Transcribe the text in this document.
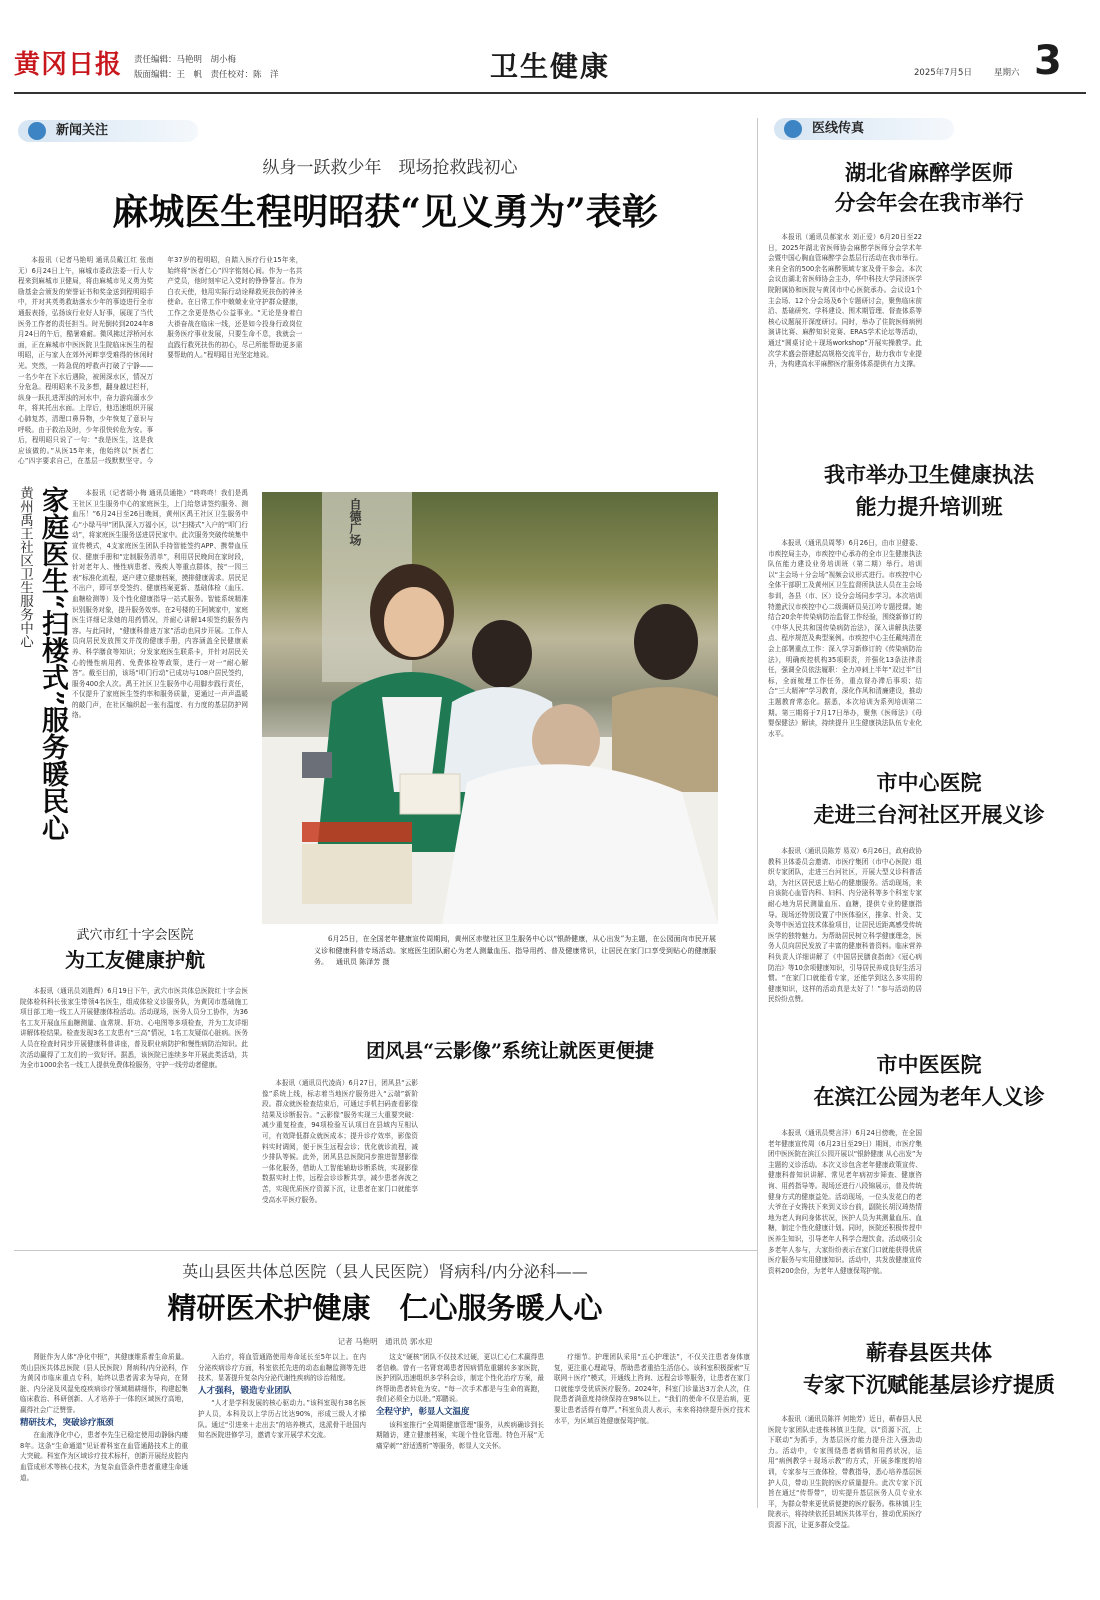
黄冈日报 责任编辑：马艳明　胡小梅
版面编辑：王　帆　责任校对：陈　洋	卫生健康	2025年7月5日	星期六 3
新闻关注	医线传真
纵身一跃救少年　现场抢救践初心
麻城医生程明昭获“见义勇为”表彰

本报讯（记者马艳明 通讯员戴江红 张南无）6月24日上午，麻城市委政法委一行人专程来到麻城市卫健局，将由麻城市见义勇为奖励基金会颁发的荣誉证书和奖金送到程明昭手中，并对其英勇救助落水少年的事迹进行全市通报表扬，弘扬该行业好人好事，展现了当代医务工作者的责任担当。时光倒转到2024年8月24日的午后，酷暑难耐。微风拂过浮桥河水面，正在麻城市中医医院卫生院临床医生的程明昭，正与家人在郊外河畔享受难得的休闲时光。突然，一阵急促的呼救声打破了宁静——一名少年在下水后遇险，被困深水区，情况万分危急。程明昭来不及多想，翻身越过栏杆，纵身一跃扎进浑浊的河水中，奋力游向溺水少年，将其托出水面。上岸后，他迅速组织开展心肺复苏，清理口鼻异物，少年恢复了意识与呼吸。由于救治及时，少年很快转危为安。事后，程明昭只说了一句：“我是医生，这是我应该做的。”从医15年来，他始终以“医者仁心”四字要求自己，在基层一线默默坚守。今年37岁的程明昭，自踏入医疗行业15年来，始终将“医者仁心”四字铭刻心间。作为一名共产党员，他时刻牢记入党时的铮铮誓言。作为白衣天使，他用实际行动诠释救死扶伤的神圣使命。在日常工作中兢兢业业守护群众健康，工作之余更是热心公益事业。“无论是身着白大褂奋战在临床一线，还是如今投身行政岗位服务医疗事业发展，只要生命不息，我就会一直践行救死扶伤的初心，尽己所能帮助更多需要帮助的人。”程明昭目光坚定地说。

黄州禹王社区卫生服务中心 家庭医生“扫楼式”服务暖民心	本报讯（记者胡小梅 通讯员通艳）“咚咚咚！我们是禹王社区卫生服务中心的家庭医生，上门给您讲签约服务、测血压！”6月24日至26日晚间，黄州区禹王社区卫生服务中心“小绿马甲”团队深入万福小区，以“扫楼式”入户的“叩门行动”，将家庭医生服务送进居民家中。此次服务突破传统集中宣传模式，4支家庭医生团队手持智能签约APP、携带血压仪、健康手册和“定制服务清单”，利用居民晚间在家时段，针对老年人、慢性病患者、残疾人等重点群体，按“一园三表”标准化流程，逐户建立健康档案，摸排健康需求。居民足不出户，即可享受签约、健康档案更新、基础体检（血压、血糖检测等）及个性化健康指导一站式服务。智能系统精准识别服务对象，提升服务效率。在2号楼的王阿姨家中，家庭医生详细记录她的用药情况，并耐心讲解14项签约服务内容。与此同时，“健康科普进万家”活动也同步开展。工作人员向居民发放图文并茂的健康手册，内容涵盖全民健康素养、科学膳食等知识；分发家庭医生联系卡，并针对居民关心的慢性病用药、免费体检等政策，进行一对一“耐心解答”。截至目前，该场“叩门行动”已成功与108户居民签约，服务400余人次。禹王社区卫生服务中心用脚步践行责任，不仅提升了家庭医生签约率和服务质量，更通过一声声温暖的敲门声，在社区编织起一张有温度、有力度的基层防护网络。

自德广场
6月25日，在全国老年健康宣传周期间，黄州区赤壁社区卫生服务中心以“银龄健康，从心出发”为主题，在公园面向市民开展义诊和健康科普专场活动。家庭医生团队耐心为老人测量血压、指导用药、普及健康常识，让居民在家门口享受到贴心的健康服务。 通讯员 陈泽芳 摄
武穴市红十字会医院
为工友健康护航

本报讯（通讯员刘胜辉）6月19日下午，武穴市医共体总医院红十字会医院体检科科长张家生带领4名医生，组成体检义诊服务队，为黄冈市基础施工项目部工地一线工人开展健康体检活动。活动现场，医务人员分工协作，为36名工友开展血压血糖测量、血常规、肝功、心电图等多项检查，并为工友详细讲解体检结果。检查发现3名工友患有“三高”情况，1名工友疑似心脏病。医务人员在检查时同步开展健康科普讲座，普及职业病防护和慢性病防治知识。此次活动赢得了工友们的一致好评。据悉，该医院已连续多年开展此类活动，共为全市1000余名一线工人提供免费体检服务，守护一线劳动者健康。

团风县“云影像”系统让就医更便捷

本报讯（通讯员代凌尚）6月27日，团风县“云影像”系统上线，标志着当地医疗服务进入“云端”新阶段。群众就医检查结束后，可通过手机扫码查看影像结果及诊断报告。“云影像”服务实现三大重要突破：减少重复检查，94项检验互认项目在县域内互相认可，有效降低群众就医成本；提升诊疗效率，影像资料实时调阅，便于医生远程会诊；优化就诊流程，减少排队等候。此外，团风县总医院同步推进智慧影像一体化服务，借助人工智能辅助诊断系统，实现影像数据实时上传，远程会诊诊断共享，减少患者奔波之苦，实现优质医疗资源下沉，让患者在家门口就能享受高水平医疗服务。

英山县医共体总医院（县人民医院）肾病科/内分泌科——
精研医术护健康　仁心服务暖人心
记者 马艳明　通讯员 郭水迎

肾脏作为人体“净化中枢”，其健康维系着生命质量。英山县医共体总医院（县人民医院）肾病科/内分泌科，作为黄冈市临床重点专科，始终以患者需求为导向，在肾脏、内分泌及风湿免疫疾病诊疗领域精耕细作，构建起集临床救治、科研创新、人才培养于一体的区域医疗高地，赢得社会广泛赞誉。

精研技术，突破诊疗瓶颈

在血液净化中心，患者李先生已稳定使用动静脉内瘘8年。这条“生命通道”见证着科室在血管通路技术上的重大突破。科室作为区域诊疗技术标杆，创新开展经皮腔内血管成形术等核心技术，为复杂血管条件患者重建生命通道。

入治疗，将血管通路使用寿命延长至5年以上。在内分泌疾病诊疗方面，科室依托先进的动态血糖监测等先进技术，显著提升复杂内分泌代谢性疾病的诊治精度。

人才强科，锻造专业团队

“人才是学科发展的核心驱动力。”该科室现有38名医护人员，本科及以上学历占比达90%，形成三级人才梯队。通过“引进来＋走出去”的培养模式，选派骨干赴国内知名医院进修学习，邀请专家开展学术交流。

这支“硬核”团队不仅技术过硬，更以仁心仁术赢得患者信赖。曾有一名肾衰竭患者因病情危重辗转多家医院，医护团队迅速组织多学科会诊，制定个性化治疗方案，最终帮助患者转危为安。“每一次手术都是与生命的赛跑，我们必须全力以赴。”郑鹏说。

全程守护，彰显人文温度

该科室推行“全周期健康管理”服务，从疾病确诊到长期随访，建立健康档案，实现个性化管理。特色开展“无痛穿刺”“舒适透析”等服务，彰显人文关怀。

疗细节。护理团队采用“五心护理法”，不仅关注患者身体康复，更注重心理疏导，帮助患者重拾生活信心。该科室积极探索“互联网＋医疗”模式，开通线上咨询、远程会诊等服务，让患者在家门口就能享受优质医疗服务。2024年，科室门诊量达3万余人次，住院患者满意度持续保持在98%以上。“我们的使命不仅是治病，更要让患者活得有尊严。”科室负责人表示，未来将持续提升医疗技术水平，为区域百姓健康保驾护航。

湖北省麻醉学医师
分会年会在我市举行

本报讯（通讯员郝家水 刘正爱）6月20日至22日，2025年湖北省医师协会麻醉学医师分会学术年会暨中国心胸血管麻醉学会基层行活动在我市举行。来自全省的500余名麻醉领域专家及骨干参会。本次会议由湖北省医师协会主办，华中科技大学同济医学院附属协和医院与黄冈市中心医院承办。会议设1个主会场、12个分会场及6个专题研讨会，聚焦临床前沿、基础研究、学科建设、围术期管理、督查体系等核心议题展开深度研讨。同时，举办了住院医师病例演讲比赛、麻醉知识竞赛、ERAS学术论坛等活动，通过“圆桌讨论＋现场workshop”开展实操教学。此次学术盛会搭建起高规格交流平台，助力我市专业提升，为构建高水平麻醉医疗服务体系提供有力支撑。

我市举办卫生健康执法
能力提升培训班

本报讯（通讯员周琴）6月26日，由市卫健委、市疾控局主办，市疾控中心承办的全市卫生健康执法队伍能力建设业务培训班（第二期）举行。培训以“主会场＋分会场”视频会议形式进行。市疾控中心全体干部职工及黄州区卫生监督所执法人员在主会场参训，各县（市、区）设分会场同步学习。本次培训特邀武汉市疾控中心二级调研员吴江吟专题授课。她结合20余年传染病防治监督工作经验，围绕新修订的《中华人民共和国传染病防治法》，深入讲解执法要点、程序规范及典型案例。市疾控中心主任戴纯清在会上部署重点工作：深入学习新修订的《传染病防治法》，明确疾控机构35项职责，并强化13条法律责任，强调全员依法履职：全力冲刺上半年“双过半”目标，全面梳理工作任务，重点督办滞后事项；结合“三大精神”学习教育，深化作风和清廉建设，推动主题教育常态化。据悉，本次培训为系列培训第二期。第三期将于7月17日举办，聚焦《医师法》《母婴保健法》解读，持续提升卫生健康执法队伍专业化水平。

市中心医院
走进三台河社区开展义诊

本报讯（通讯员陈芳 易双）6月26日，政府政协教科卫体委员会邀请、市医疗集团（市中心医院）组织专家团队，走进三台河社区，开展大型义诊科普活动，为社区居民送上贴心的健康服务。活动现场，来自该院心血管内科、妇科、内分泌科等多个科室专家耐心地为居民测量血压、血糖，提供专业的健康指导。现场还特别设置了中医体验区，推拿、针灸、艾灸等中医适宜技术体验项目，让居民近距离感受传统医学的独特魅力。为帮助居民树立科学健康理念，医务人员向居民发放了丰富的健康科普资料。临床营养科负责人详细讲解了《中国居民膳食指南》《冠心病防治》等10余项健康知识，引导居民养成良好生活习惯。“在家门口就能看专家，还能学到这么多实用的健康知识，这样的活动真是太好了！”参与活动的居民纷纷点赞。

市中医医院
在滨江公园为老年人义诊

本报讯（通讯员樊言洋）6月24日傍晚，在全国老年健康宣传周（6月23日至29日）期间，市医疗集团中医医院在滨江公园开展以“银龄健康 从心出发”为主题的义诊活动。本次义诊包含老年健康政策宣传、健康科普知识讲解、常见老年病初步筛查、健康咨询、用药指导等。现场还进行八段锦展示，普及传统健身方式的健康益处。活动现场，一位头发花白的老大爷在子女搀扶下来到义诊台前，副院长胡汉琦热情地为老人询问身体状况，医护人员为其测量血压、血糖，制定个性化健康计划。同时，医院还积极传授中医养生知识，引导老年人科学合理饮食。活动吸引众多老年人参与，大家纷纷表示在家门口就能获得优质医疗服务与实用健康知识。活动中，共发放健康宣传资料200余份，为老年人健康保驾护航。

蕲春县医共体
专家下沉赋能基层诊疗提质

本报讯（通讯员陈祥 何艳芳）近日，蕲春县人民医院专家团队走进株林镇卫生院，以“资源下沉，上下联动”为抓手，为基层医疗能力提升注入强劲动力。活动中，专家围绕患者病情和用药状况，运用“病例教学＋现场示教”的方式，开展多维度的培训，专家参与三查体检，带教指导，悉心培养基层医护人员，带动卫生院的医疗质量提升。此次专家下沉旨在通过“传帮带”，切实提升基层医务人员专业水平，为群众带来更优质便捷的医疗服务。株林镇卫生院表示，将持续依托县域医共体平台，推动优质医疗资源下沉，让更多群众受益。
